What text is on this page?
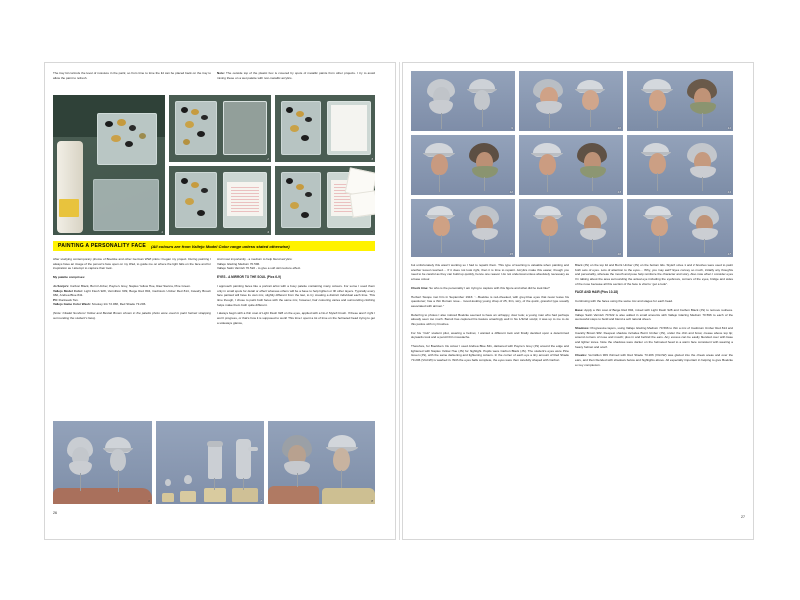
The tray lid controls the level of moisture in the paint; so from time to time the lid can be placed back on the tray to allow the paint to refresh.

Note: The outside top of the plastic box is covered by spots of metallic paints from other projects. I try to avoid mixing these on a wet palette with non-metallic acrylics.

1
2	3
4	5
PAINTING A PERSONALITY FACE (All colours are from Vallejo Model Color range unless stated otherwise)

After studying contemporary photos of Boelcke and other German WWI pilots I began my project. During painting I always have an image of the person's face open on my iPad, to guide me on where the light falls on the face and for inspiration as I attempt to capture their look.

My palette comprises:

Jo Sonja's: Carbon Black, Burnt Umber, Payne's Grey, Naples Yellow Hue, Raw Sienna, Pine Green.

Vallejo Model Color: Light Flesh 928, Vermillion 909, Beige Red 804, Cadmium Umber Red 814, Cavalry Brown 982, Andrea Blue 841.

P3: Rucksack Tan.

Vallejo Game Color Wash: Smokey Ink 72.068, Red Shade 73.206.

(Note: Citadel Sunburst Yellow and Bestial Brown shown in the palette photo were used to paint helmet strapping surrounding the student's face).

And most importantly - a medium to help blend acrylics:

Vallejo Glazing Medium 70.596.

Vallejo Satin Varnish 70.522 - to give a soft skin texture effect.

EYES - A MIRROR TO THE SOUL (Pics 6-9)

I approach painting faces like a portrait artist with a busy palette containing many colours. For some I used them only in small spots for detail or effect whereas others will be a base to help lighten or lift other layers. Typically every face painted will have its own mix, slightly different from the last, to try creating a distinct individual each time. This time though, I chose to paint both faces with the same mix, however, hair colouring varies and surrounding clothing helps make them both quite different.

I always begin with a thin coat of Light Flesh 928 on the eyes, applied with a No.2 StyleX brush. If these aren't right I won't progress, or that's how it is supposed to work! This time I spent a lot of time on the helmeted head trying to get a sideways glance,

6	7	8
26
9	10	11
12	13	14
15	16	17

but unfortunately this wasn't working so I had to repaint them. This type of learning is valuable when painting and another lesson learned.... If it does not look right, then it is time to repaint. Acrylics make this easier, though you need to be careful as they can build up quickly, hence one reason I do not undercoat unless absolutely necessary as a base colour.

Check time: So who is the personality I am trying to capture with this figure and what did he look like?

Herbert Swope met him in September 1916: “...Boelcke is red-cheeked, with grey-blue eyes that never leave his questioner; has a thin Roman nose... Good-looking young chap of 25, thin, wiry, of the quick, graceful type usually associated with airmen.”

Referring to photos I also noticed Boelcke seemed to have an unhappy, dour look; a young man who had perhaps already seen too much. Benoit has captured his feature amazingly well in his 1/32nd sculpt; it was up to me to do this justice with my brushes.

For his “Cub” student pilot, wearing a helmet, I wanted a different look and finally decided upon a determined skywards look and a pencil thin moustache.

Therefore, for Boelcke's Iris colour I used Andrea Blue 841, darkened with Payne's Grey (JS) around the edge and lightened with Naples Yellow Hue (JS) for highlight. Pupils were Carbon Black (JS). The student's eyes were Pine Green (JS), with the same darkening and lightening colours. In the corner of each eye a tiny amount of Red Shade 73.206 (VGCW) is washed in. With the eyes balls complete, the eyes were then carefully shaped with Carbon

Black (JS) on the top lid and Burnt Umber (JS) on the bottom lids. StyleX sizes 1 and 2 brushes were used to paint both sets of eyes. Lots of attention to the eyes.... Why, you may ask? Eyes convey so much, initially any thoughts and personality, whereas the mouth and pose help reinforce the character and story. Also note when I consider eyes I'm talking about the area surrounding the actual eye including the eyebrows, corners of the eyes, bridge and sides of the nose because all this section of the face is vital to “get a look”.

FACE AND HAIR (Pics 10-18)

Continuing with the faces using the same mix and stages for each head.

Base: Apply a thin coat of Beige Red 804, mixed with Light Flesh 928 and Carbon Black (JS) to remove redness. Vallejo Satin Varnish 70.522 is also added in small amounts with Vallejo Glazing Medium 70.596 to each of the successful steps to build and blend a soft natural sheen.

Shadows: Progressive layers, using Vallejo Glazing Medium 70.596 to thin a mix of Cadmium Umber Red 814 and Cavalry Brown 982. Deepest shadow includes Burnt Umber (JS), under the chin and brow; crease above top lip; around corners of nose and mouth; plus in and behind the ears. Any excess can be easily blended over with base and lighter tones. Note the shadows were darker on the helmeted head to a warm face consistent with wearing a heavy helmet and scarf.

Cheeks: Vermillion 909 thinned with Red Shade 73.206 (VGCW) was glazed into the cheek areas and over the ears, and then blended with shadows below and highlights above. All especially important in helping to give Boelcke a rosy complexion.

27
